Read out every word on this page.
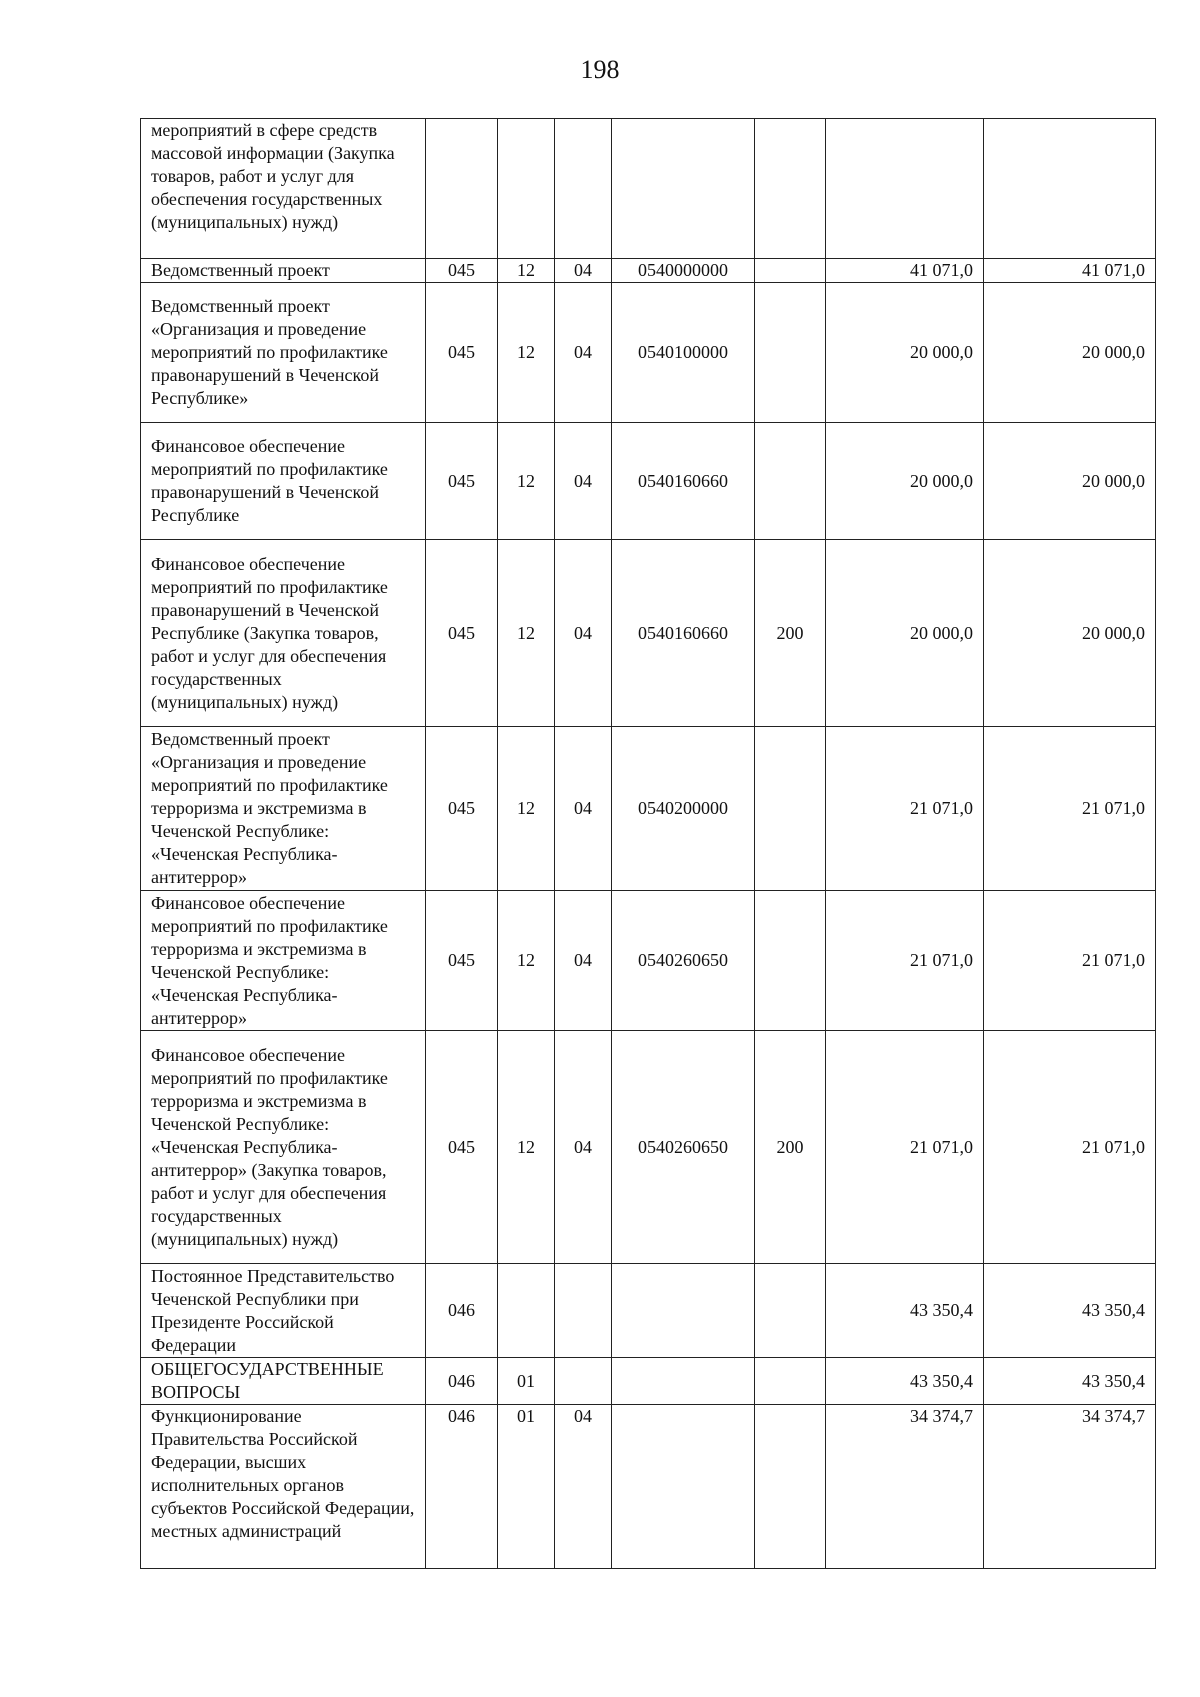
198
мероприятий в сфере средств массовой информации (Закупка товаров, работ и услуг для обеспечения государственных (муниципальных) нужд)							
Ведомственный проект	045	12	04	0540000000		41 071,0	41 071,0
Ведомственный проект «Организация и проведение мероприятий по профилактике правонарушений в Чеченской Республике»	045	12	04	0540100000		20 000,0	20 000,0
Финансовое обеспечение мероприятий по профилактике правонарушений в Чеченской Республике	045	12	04	0540160660		20 000,0	20 000,0
Финансовое обеспечение мероприятий по профилактике правонарушений в Чеченской Республике (Закупка товаров, работ и услуг для обеспечения государственных (муниципальных) нужд)	045	12	04	0540160660	200	20 000,0	20 000,0
Ведомственный проект «Организация и проведение мероприятий по профилактике терроризма и экстремизма в Чеченской Республике: «Чеченская Республика-антитеррор»	045	12	04	0540200000		21 071,0	21 071,0
Финансовое обеспечение мероприятий по профилактике терроризма и экстремизма в Чеченской Республике: «Чеченская Республика-антитеррор»	045	12	04	0540260650		21 071,0	21 071,0
Финансовое обеспечение мероприятий по профилактике терроризма и экстремизма в Чеченской Республике: «Чеченская Республика-антитеррор» (Закупка товаров, работ и услуг для обеспечения государственных (муниципальных) нужд)	045	12	04	0540260650	200	21 071,0	21 071,0
Постоянное Представительство Чеченской Республики при Президенте Российской Федерации	046					43 350,4	43 350,4
ОБЩЕГОСУДАРСТВЕННЫЕ ВОПРОСЫ	046	01				43 350,4	43 350,4
Функционирование Правительства Российской Федерации, высших исполнительных органов субъектов Российской Федерации, местных администраций	046	01	04			34 374,7	34 374,7
